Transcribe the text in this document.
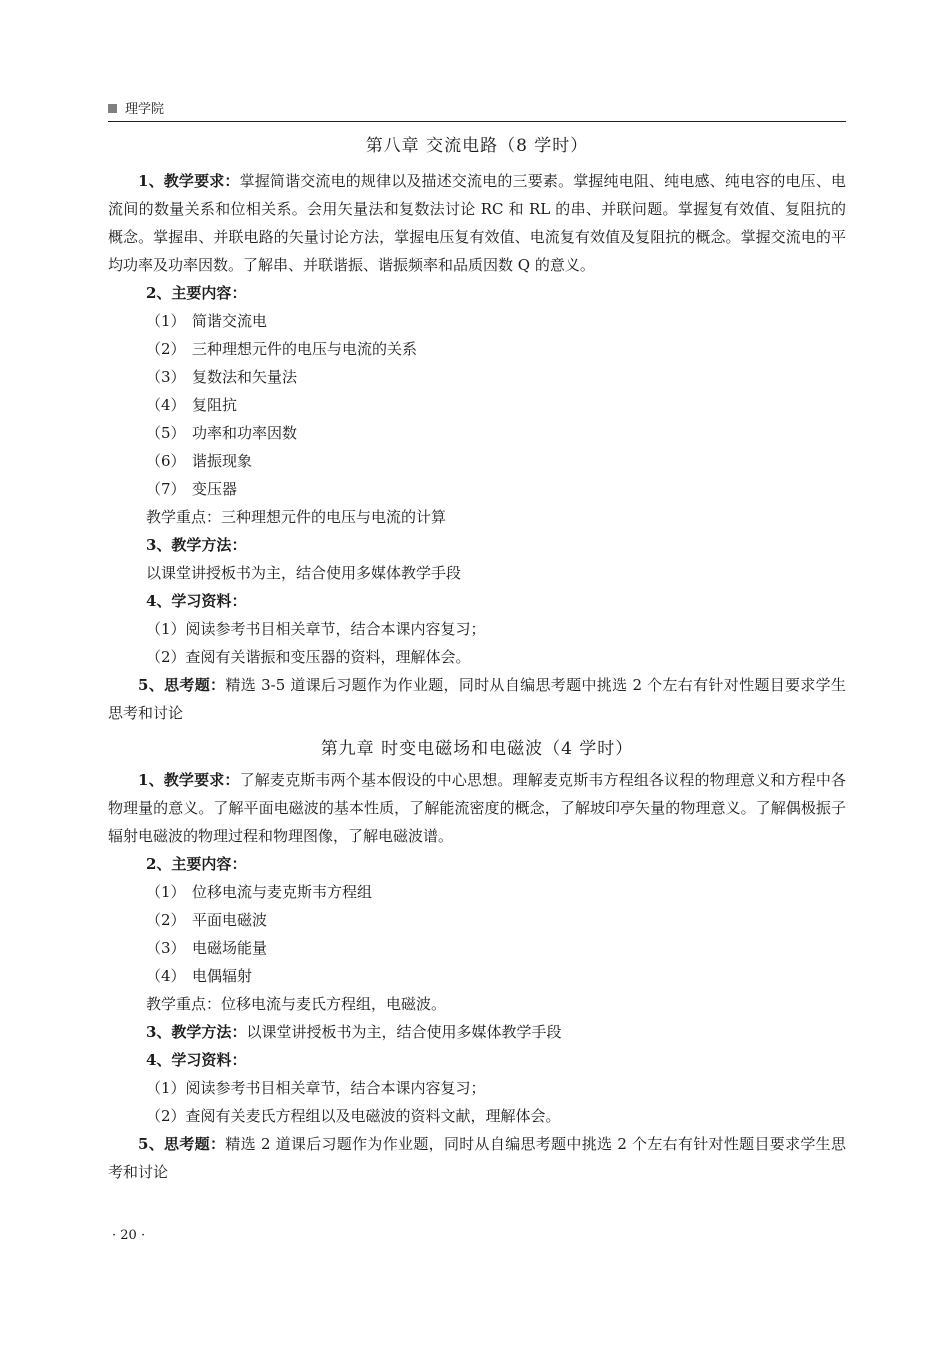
理学院
第八章 交流电路（8 学时）

1、教学要求：掌握简谐交流电的规律以及描述交流电的三要素。掌握纯电阻、纯电感、纯电容的电压、电流间的数量关系和位相关系。会用矢量法和复数法讨论 RC 和 RL 的串、并联问题。掌握复有效值、复阻抗的概念。掌握串、并联电路的矢量讨论方法，掌握电压复有效值、电流复有效值及复阻抗的概念。掌握交流电的平均功率及功率因数。了解串、并联谐振、谐振频率和品质因数 Q 的意义。

2、主要内容：

（1） 简谐交流电

（2） 三种理想元件的电压与电流的关系

（3） 复数法和矢量法

（4） 复阻抗

（5） 功率和功率因数

（6） 谐振现象

（7） 变压器

教学重点：三种理想元件的电压与电流的计算

3、教学方法：

以课堂讲授板书为主，结合使用多媒体教学手段

4、学习资料：

（1）阅读参考书目相关章节，结合本课内容复习；

（2）查阅有关谐振和变压器的资料，理解体会。

5、思考题：精选 3-5 道课后习题作为作业题，同时从自编思考题中挑选 2 个左右有针对性题目要求学生思考和讨论

第九章 时变电磁场和电磁波（4 学时）

1、教学要求：了解麦克斯韦两个基本假设的中心思想。理解麦克斯韦方程组各议程的物理意义和方程中各物理量的意义。了解平面电磁波的基本性质，了解能流密度的概念，了解坡印亭矢量的物理意义。了解偶极振子辐射电磁波的物理过程和物理图像，了解电磁波谱。

2、主要内容：

（1） 位移电流与麦克斯韦方程组

（2） 平面电磁波

（3） 电磁场能量

（4） 电偶辐射

教学重点：位移电流与麦氏方程组，电磁波。

3、教学方法：以课堂讲授板书为主，结合使用多媒体教学手段

4、学习资料：

（1）阅读参考书目相关章节，结合本课内容复习；

（2）查阅有关麦氏方程组以及电磁波的资料文献，理解体会。

5、思考题：精选 2 道课后习题作为作业题，同时从自编思考题中挑选 2 个左右有针对性题目要求学生思考和讨论

· 20 ·
